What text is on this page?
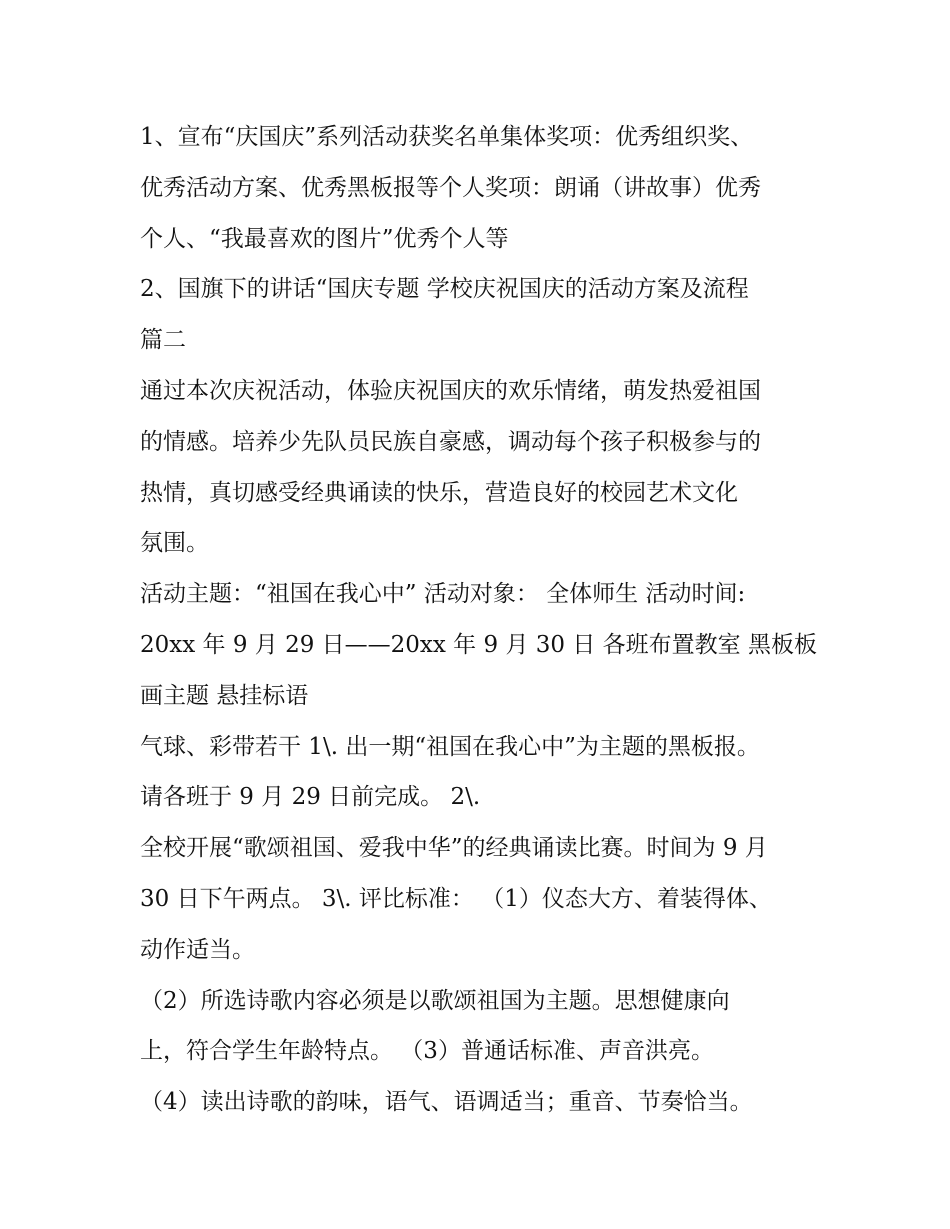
1、宣布“庆国庆”系列活动获奖名单集体奖项：优秀组织奖、
优秀活动方案、优秀黑板报等个人奖项：朗诵（讲故事）优秀
个人、“我最喜欢的图片”优秀个人等
2、国旗下的讲话“国庆专题 学校庆祝国庆的活动方案及流程
篇二
通过本次庆祝活动，体验庆祝国庆的欢乐情绪，萌发热爱祖国
的情感。培养少先队员民族自豪感，调动每个孩子积极参与的
热情，真切感受经典诵读的快乐，营造良好的校园艺术文化
氛围。
活动主题：“祖国在我心中” 活动对象： 全体师生 活动时间:
20xx 年 9 月 29 日——20xx 年 9 月 30 日 各班布置教室 黑板板
画主题 悬挂标语
气球、彩带若干 1\. 出一期“祖国在我心中”为主题的黑板报。
请各班于 9 月 29 日前完成。 2\.
全校开展“歌颂祖国、爱我中华”的经典诵读比赛。时间为 9 月
30 日下午两点。 3\. 评比标准： （1）仪态大方、着装得体、
动作适当。
（2）所选诗歌内容必须是以歌颂祖国为主题。思想健康向
上，符合学生年龄特点。 （3）普通话标准、声音洪亮。
（4）读出诗歌的韵味，语气、语调适当；重音、节奏恰当。
